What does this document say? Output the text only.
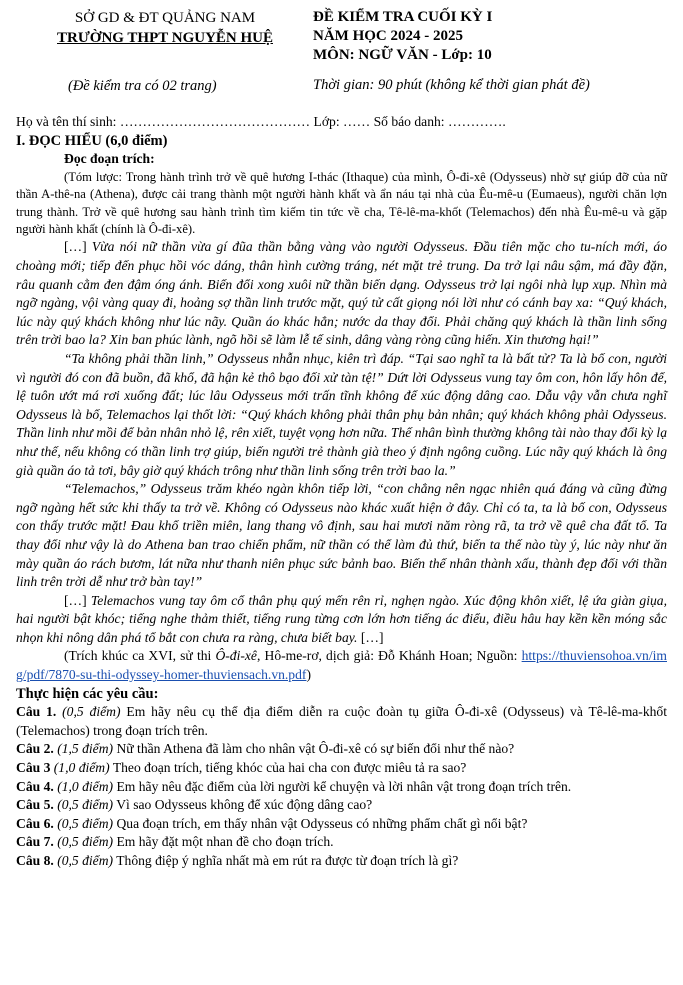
SỞ GD & ĐT QUẢNG NAM
TRƯỜNG THPT NGUYỄN HUỆ
ĐỀ KIỂM TRA CUỐI KỲ I
NĂM HỌC 2024 - 2025
MÔN: NGỮ VĂN - Lớp: 10
(Đề kiểm tra có 02 trang)	Thời gian: 90 phút (không kể thời gian phát đề)

Họ và tên thí sinh: …………………………………… Lớp: …… Số báo danh: ………….

I. ĐỌC HIỂU (6,0 điểm)

Đọc đoạn trích:

(Tóm lược: Trong hành trình trở về quê hương I-thác (Ithaque) của mình, Ô-đi-xê (Odysseus) nhờ sự giúp đỡ của nữ thần A-thê-na (Athena), được cải trang thành một người hành khất và ẩn náu tại nhà của Êu-mê-u (Eumaeus), người chăn lợn trung thành. Trở về quê hương sau hành trình tìm kiếm tin tức về cha, Tê-lê-ma-khốt (Telemachos) đến nhà Êu-mê-u và gặp người hành khất (chính là Ô-đi-xê).

[…] Vừa nói nữ thần vừa gí đũa thần bằng vàng vào người Odysseus. Đầu tiên mặc cho tu-ních mới, áo choàng mới; tiếp đến phục hồi vóc dáng, thân hình cường tráng, nét mặt trẻ trung. Da trở lại nâu sậm, má đầy đặn, râu quanh cằm đen đậm óng ánh. Biến đổi xong xuôi nữ thần biến dạng. Odysseus trở lại ngôi nhà lụp xụp. Nhìn mà ngỡ ngàng, vội vàng quay đi, hoảng sợ thần linh trước mặt, quý tử cất giọng nói lời như có cánh bay xa: “Quý khách, lúc này quý khách không như lúc nãy. Quần áo khác hẳn; nước da thay đổi. Phải chăng quý khách là thần linh sống trên trời bao la? Xin ban phúc lành, ngõ hồi sẽ làm lễ tế sinh, dâng vàng ròng cũng hiến. Xin thương hại!”

“Ta không phải thần linh,” Odysseus nhẫn nhục, kiên trì đáp. “Tại sao nghĩ ta là bất tử? Ta là bố con, người vì người đó con đã buồn, đã khổ, đã hận kẻ thô bạo đối xử tàn tệ!” Dứt lời Odysseus vung tay ôm con, hôn lấy hôn để, lệ tuôn ướt má rơi xuống đất; lúc lâu Odysseus mới trấn tĩnh không để xúc động dâng cao. Dẫu vậy vẫn chưa nghĩ Odysseus là bố, Telemachos lại thốt lời: “Quý khách không phải thân phụ bản nhân; quý khách không phải Odysseus. Thần linh như mồi để bản nhân nhỏ lệ, rên xiết, tuyệt vọng hơn nữa. Thế nhân bình thường không tài nào thay đổi kỳ lạ như thế, nếu không có thần linh trợ giúp, biến người trẻ thành già theo ý định ngông cuồng. Lúc nãy quý khách là ông già quần áo tả tơi, bây giờ quý khách trông như thần linh sống trên trời bao la.”

“Telemachos,” Odysseus trăm khéo ngàn khôn tiếp lời, “con chẳng nên ngạc nhiên quá đáng và cũng đừng ngỡ ngàng hết sức khi thấy ta trở về. Không có Odysseus nào khác xuất hiện ở đây. Chỉ có ta, ta là bố con, Odysseus con thấy trước mặt! Đau khổ triền miên, lang thang vô định, sau hai mươi năm ròng rã, ta trở về quê cha đất tổ. Ta thay đổi như vậy là do Athena ban trao chiến phẩm, nữ thần có thể làm đủ thứ, biến ta thế nào tùy ý, lúc này như ăn mày quần áo rách bươm, lát nữa như thanh niên phục sức bảnh bao. Biến thế nhân thành xấu, thành đẹp đối với thần linh trên trời dễ như trở bàn tay!”

[…] Telemachos vung tay ôm cổ thân phụ quý mến rên rỉ, nghẹn ngào. Xúc động khôn xiết, lệ ứa giàn giụa, hai người bật khóc; tiếng nghe thảm thiết, tiếng rung từng cơn lớn hơn tiếng ác điểu, điều hâu hay kền kền móng sắc nhọn khi nông dân phá tổ bắt con chưa ra ràng, chưa biết bay. […]

(Trích khúc ca XVI, sử thi Ô-đi-xê, Hô-me-rơ, dịch giả: Đỗ Khánh Hoan; Nguồn: https://thuviensohoa.vn/img/pdf/7870-su-thi-odyssey-homer-thuviensach.vn.pdf)

Thực hiện các yêu cầu:

Câu 1. (0,5 điểm) Em hãy nêu cụ thể địa điểm diễn ra cuộc đoàn tụ giữa Ô-đi-xê (Odysseus) và Tê-lê-ma-khốt (Telemachos) trong đoạn trích trên.

Câu 2. (1,5 điểm) Nữ thần Athena đã làm cho nhân vật Ô-đi-xê có sự biến đổi như thế nào?

Câu 3 (1,0 điểm) Theo đoạn trích, tiếng khóc của hai cha con được miêu tả ra sao?

Câu 4. (1,0 điểm) Em hãy nêu đặc điểm của lời người kể chuyện và lời nhân vật trong đoạn trích trên.

Câu 5. (0,5 điểm) Vì sao Odysseus không để xúc động dâng cao?

Câu 6. (0,5 điểm) Qua đoạn trích, em thấy nhân vật Odysseus có những phẩm chất gì nổi bật?

Câu 7. (0,5 điểm) Em hãy đặt một nhan đề cho đoạn trích.

Câu 8. (0,5 điểm) Thông điệp ý nghĩa nhất mà em rút ra được từ đoạn trích là gì?
